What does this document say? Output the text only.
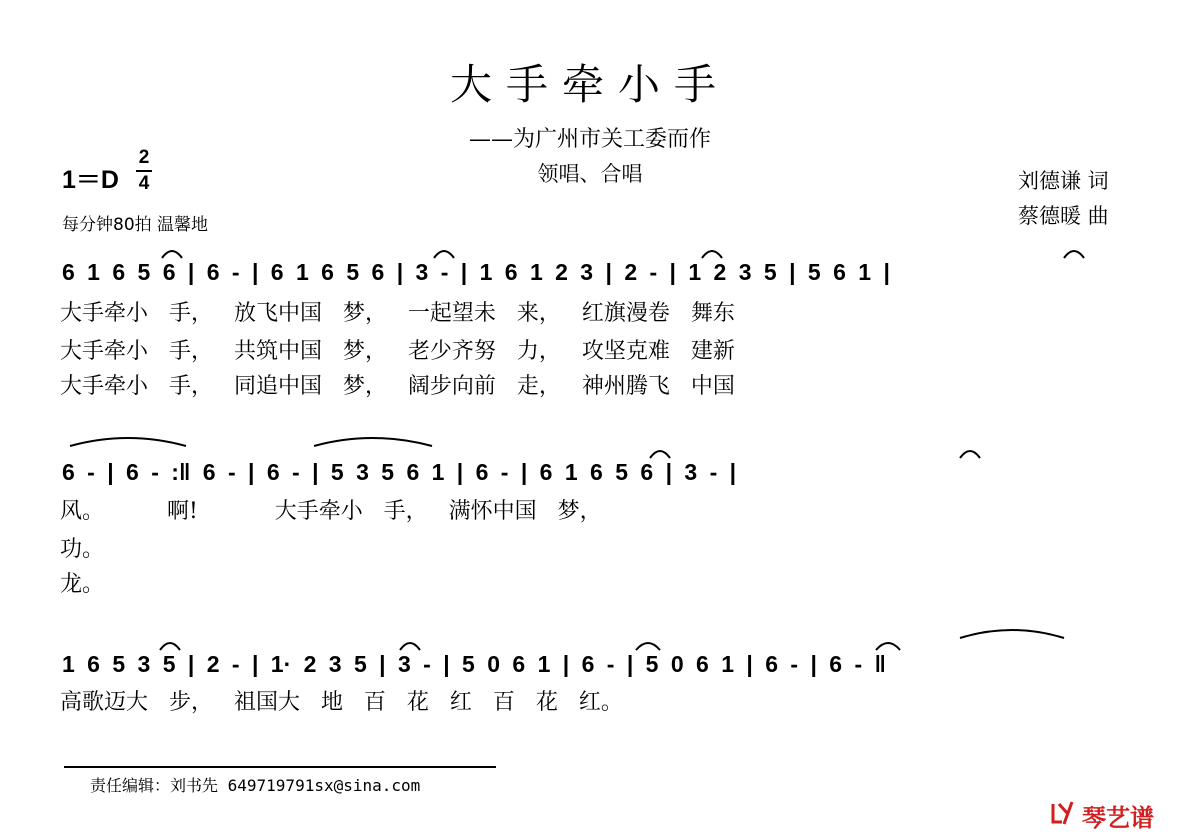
大手牵小手
——为广州市关工委而作
领唱、合唱
1＝D
2
4
每分钟80拍 温馨地
刘德谦 词
蔡德暖 曲
6 1 6 5 6 | 6 - | 6 1 6 5 6 | 3 - | 1 6 1 2 3 | 2 - | 1 2 3 5 | 5 6 1 |
大手牵小   手，   放飞中国   梦，   一起望未   来，   红旗漫卷   舞东
大手牵小   手，   共筑中国   梦，   老少齐努   力，   攻坚克难   建新
大手牵小   手，   同追中国   梦，   阔步向前   走，   神州腾飞   中国
6 - | 6 - :‖ 6 - | 6 - | 5 3 5 6 1 | 6 - | 6 1 6 5 6 | 3 - |
风。         啊!           大手牵小   手，   满怀中国   梦，
功。
龙。
1 6 5 3 5 | 2 - | 1· 2 3 5 | 3 - | 5 0 6 1 | 6 - | 5 0 6 1 | 6 - | 6 - ‖
高歌迈大   步，   祖国大   地   百   花   红   百   花   红。
责任编辑：刘书先 649719791sx@sina.com
琴艺谱
